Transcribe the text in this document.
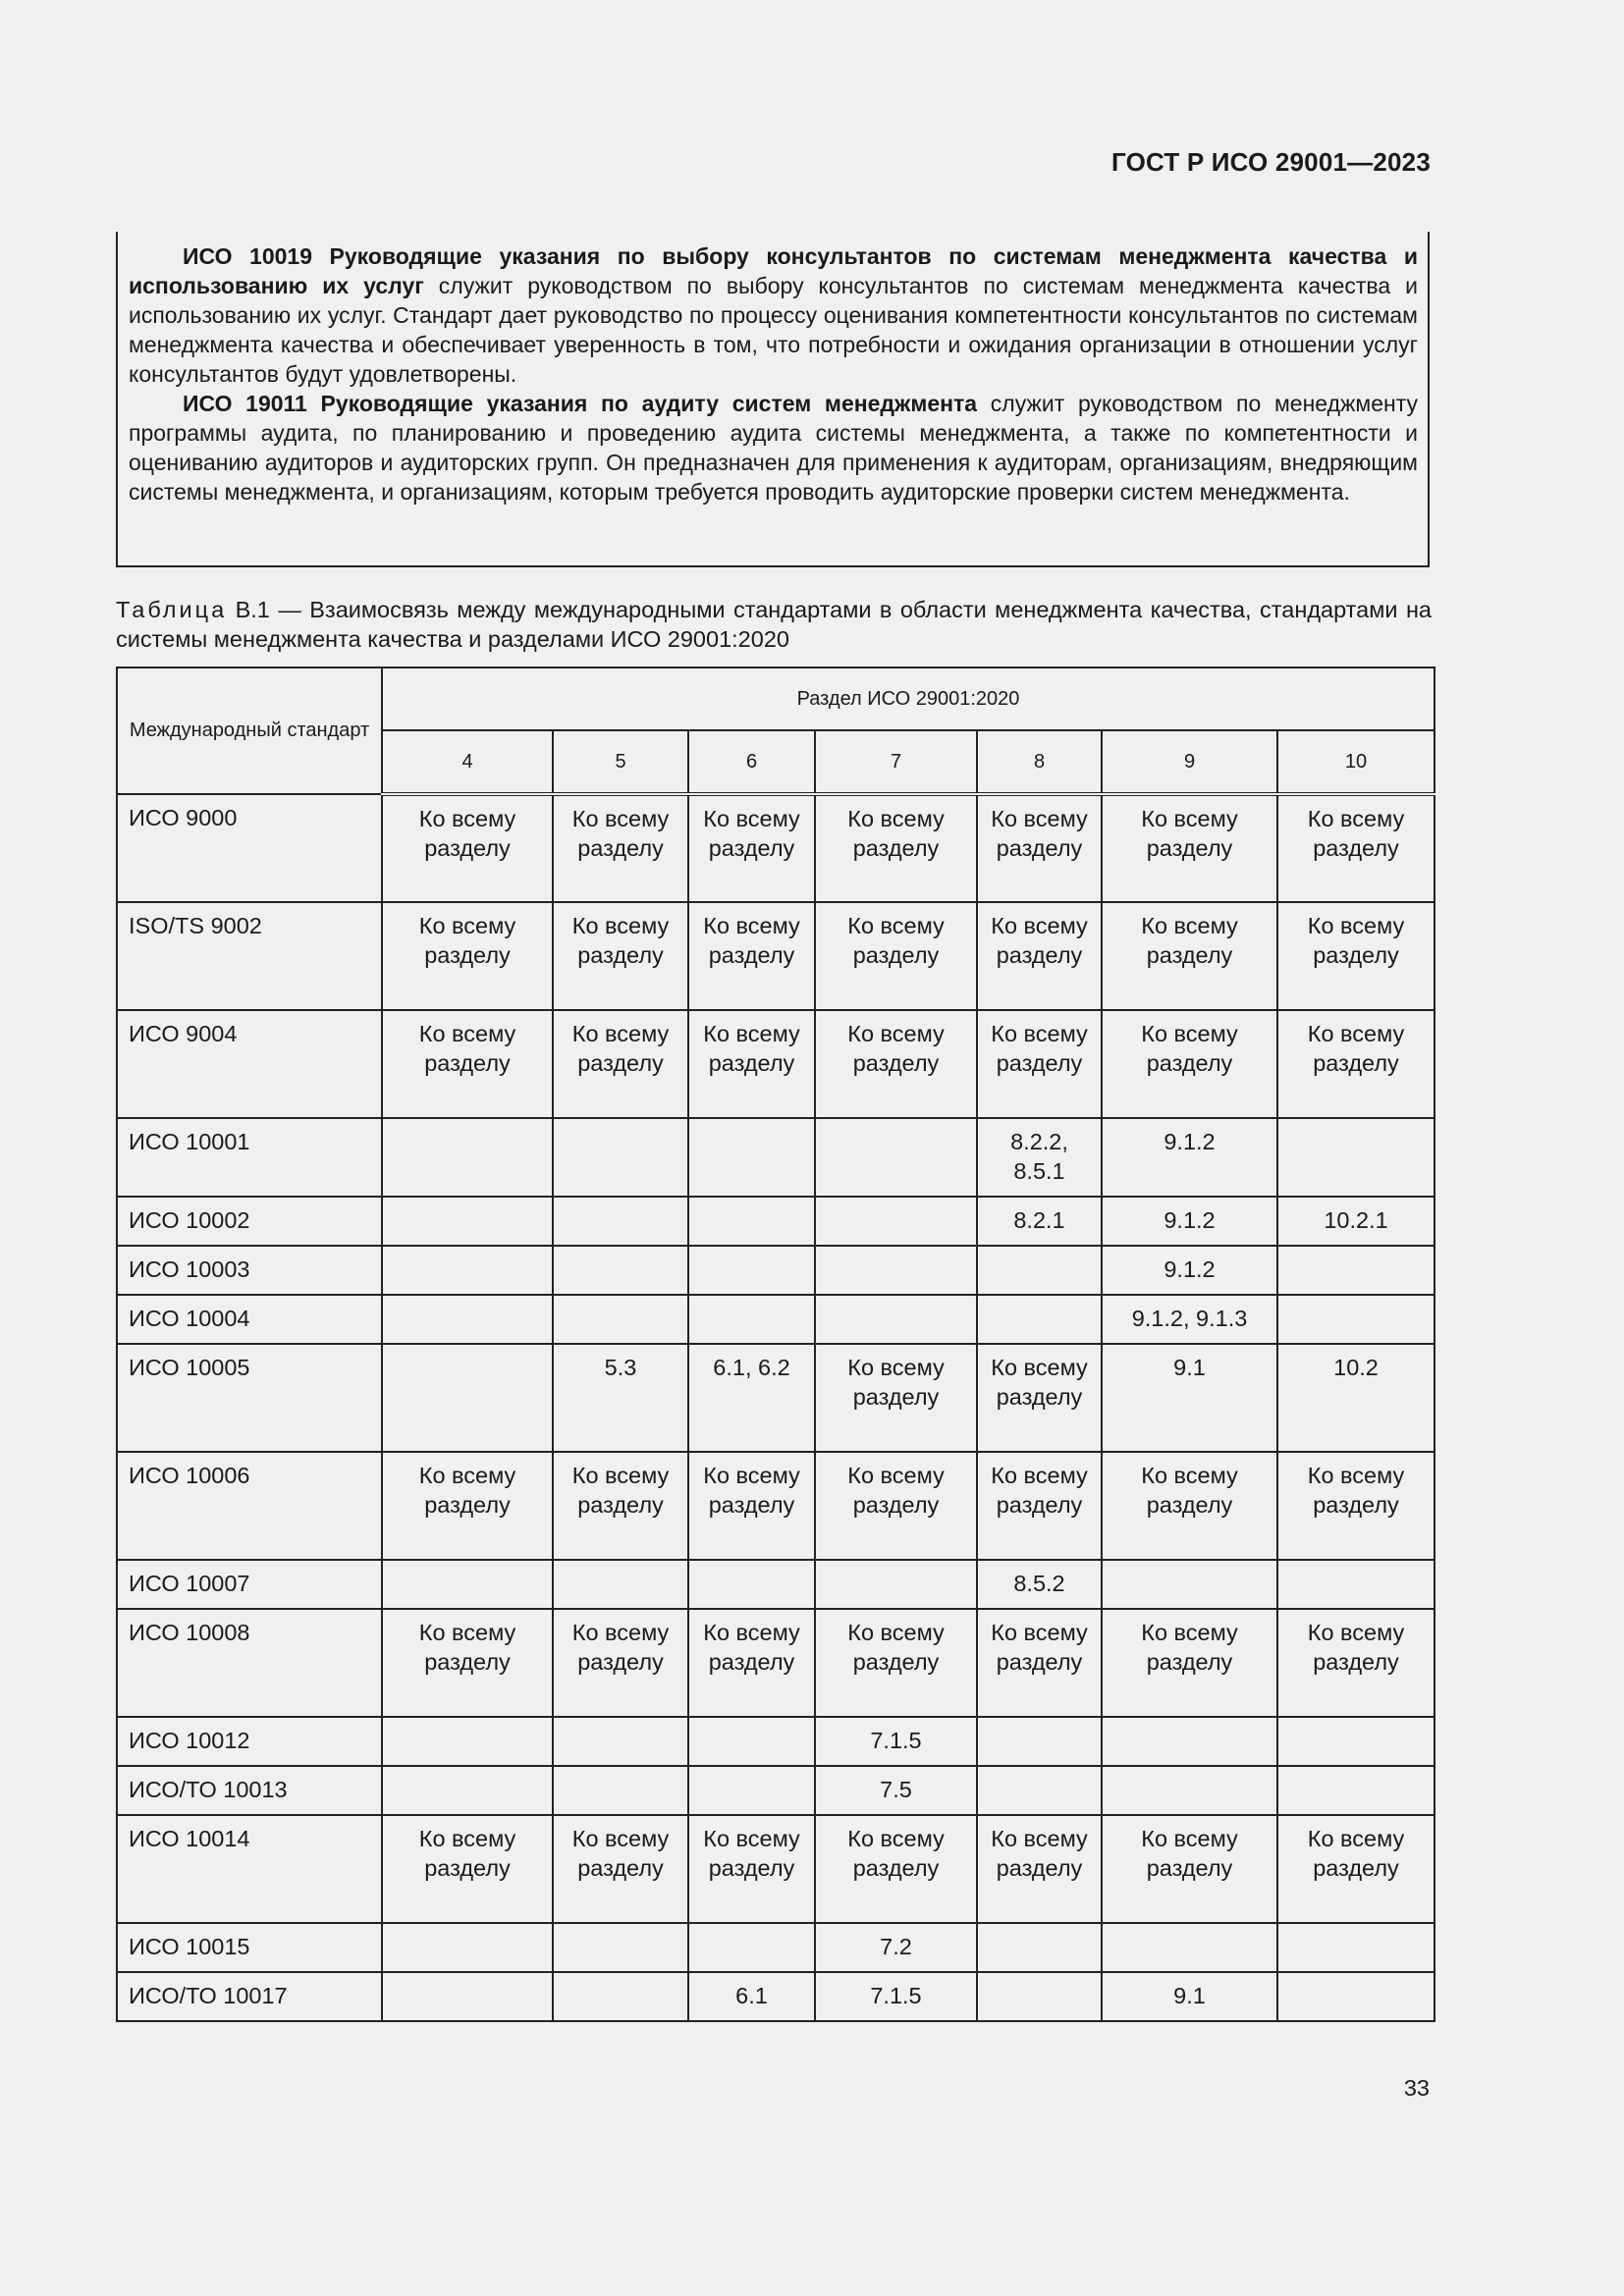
ГОСТ Р ИСО 29001—2023

ИСО 10019 Руководящие указания по выбору консультантов по системам менеджмента качества и использованию их услуг служит руководством по выбору консультантов по системам менеджмента качества и использованию их услуг. Стандарт дает руководство по процессу оценивания компетентности консультантов по системам менеджмента качества и обеспечивает уверенность в том, что потребности и ожидания организации в отношении услуг консультантов будут удовлетворены.

ИСО 19011 Руководящие указания по аудиту систем менеджмента служит руководством по менеджменту программы аудита, по планированию и проведению аудита системы менеджмента, а также по компетентности и оцениванию аудиторов и аудиторских групп. Он предназначен для применения к аудиторам, организациям, внедряющим системы менеджмента, и организациям, которым требуется проводить аудиторские проверки систем менеджмента.

Таблица В.1 — Взаимосвязь между международными стандартами в области менеджмента качества, стандартами на системы менеджмента качества и разделами ИСО 29001:2020
Международный стандарт	Раздел ИСО 29001:2020						
	4	5	6	7	8	9	10
ИСО 9000	Ко всему разделу	Ко всему разделу	Ко всему разделу	Ко всему разделу	Ко всему разделу	Ко всему разделу	Ко всему разделу
ISO/TS 9002	Ко всему разделу	Ко всему разделу	Ко всему разделу	Ко всему разделу	Ко всему разделу	Ко всему разделу	Ко всему разделу
ИСО 9004	Ко всему разделу	Ко всему разделу	Ко всему разделу	Ко всему разделу	Ко всему разделу	Ко всему разделу	Ко всему разделу
ИСО 10001					8.2.2, 8.5.1	9.1.2	
ИСО 10002					8.2.1	9.1.2	10.2.1
ИСО 10003						9.1.2	
ИСО 10004						9.1.2, 9.1.3	
ИСО 10005		5.3	6.1, 6.2	Ко всему разделу	Ко всему разделу	9.1	10.2
ИСО 10006	Ко всему разделу	Ко всему разделу	Ко всему разделу	Ко всему разделу	Ко всему разделу	Ко всему разделу	Ко всему разделу
ИСО 10007					8.5.2		
ИСО 10008	Ко всему разделу	Ко всему разделу	Ко всему разделу	Ко всему разделу	Ко всему разделу	Ко всему разделу	Ко всему разделу
ИСО 10012				7.1.5			
ИСО/ТО 10013				7.5			
ИСО 10014	Ко всему разделу	Ко всему разделу	Ко всему разделу	Ко всему разделу	Ко всему разделу	Ко всему разделу	Ко всему разделу
ИСО 10015				7.2			
ИСО/ТО 10017			6.1	7.1.5		9.1	
33
